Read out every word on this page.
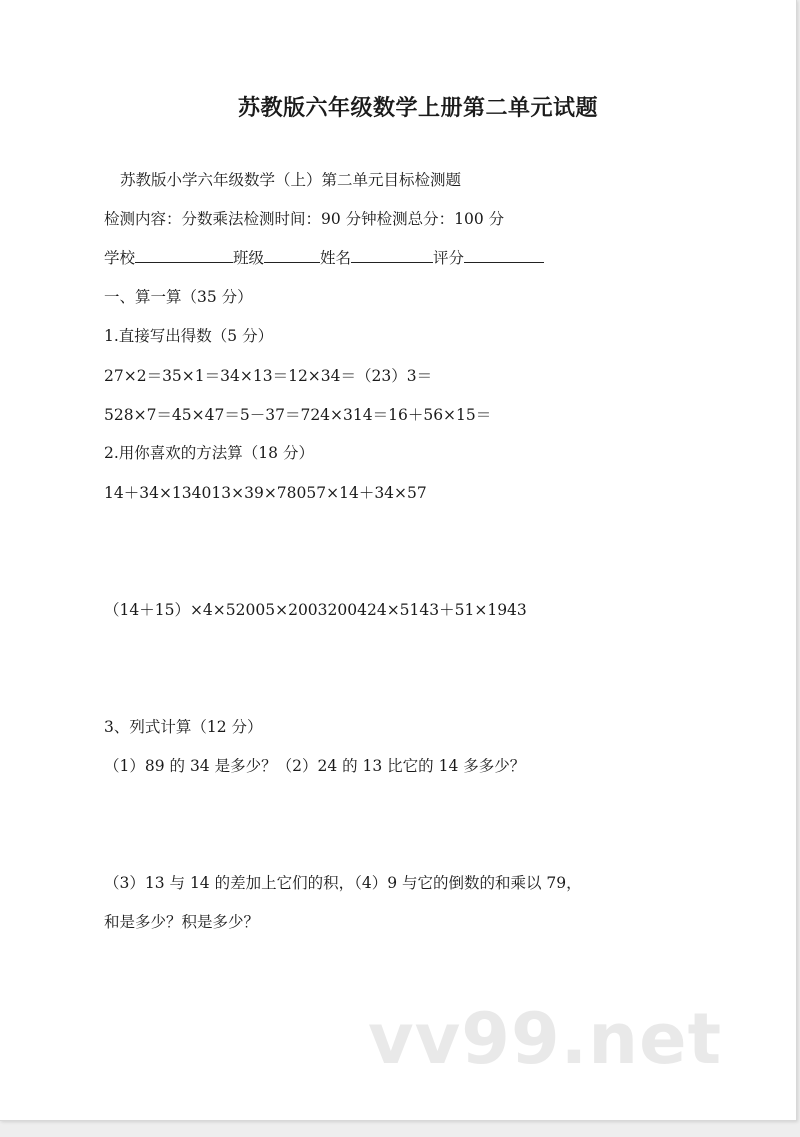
苏教版六年级数学上册第二单元试题
苏教版小学六年级数学（上）第二单元目标检测题
检测内容：分数乘法检测时间：90 分钟检测总分：100 分
学校	班级	姓名	评分
一、算一算（35 分）
1.直接写出得数（5 分）
27×2＝35×1＝34×13＝12×34＝（23）3＝
528×7＝45×47＝5－37＝724×314＝16＋56×15＝
2.用你喜欢的方法算（18 分）
14＋34×134013×39×78057×14＋34×57
（14＋15）×4×52005×2003200424×5143＋51×1943
3、列式计算（12 分）
（1）89 的 34 是多少？（2）24 的 13 比它的 14 多多少？
（3）13 与 14 的差加上它们的积，（4）9 与它的倒数的和乘以 79，
和是多少？积是多少？
vv99.net
